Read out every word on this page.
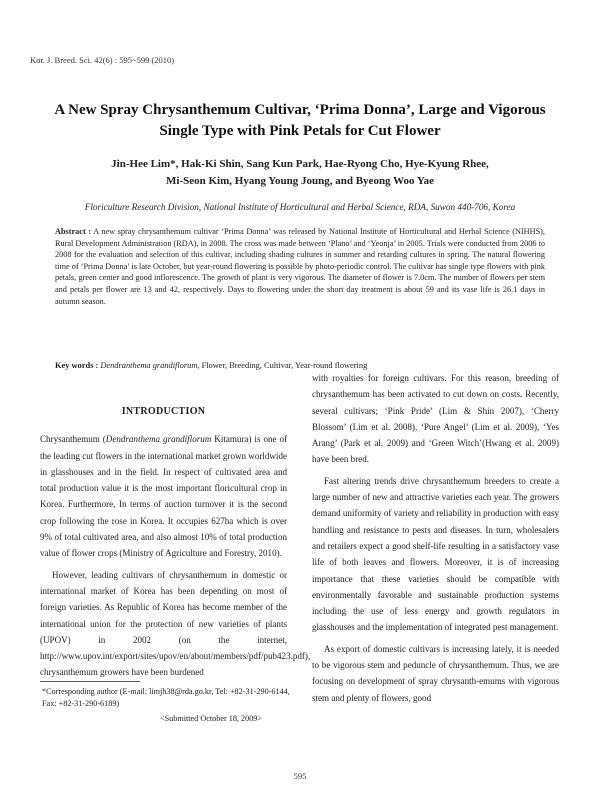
Kor. J. Breed. Sci. 42(6) : 595~599 (2010)
A New Spray Chrysanthemum Cultivar, ‘Prima Donna’, Large and Vigorous Single Type with Pink Petals for Cut Flower
Jin-Hee Lim*, Hak-Ki Shin, Sang Kun Park, Hae-Ryong Cho, Hye-Kyung Rhee,
Mi-Seon Kim, Hyang Young Joung, and Byeong Woo Yae
Floriculture Research Division, National Institute of Horticultural and Herbal Science, RDA, Suwon 440-706, Korea
Abstract : A new spray chrysanthemum cultivar ‘Prima Donna’ was released by National Institute of Horticultural and Herbal Science (NIHHS), Rural Development Administration (RDA), in 2008. The cross was made between ‘Plano’ and ‘Yeonja’ in 2005. Trials were conducted from 2006 to 2008 for the evaluation and selection of this cultivar, including shading cultures in summer and retarding cultures in spring. The natural flowering time of ‘Prima Donna’ is late October, but year-round flowering is possible by photo-periodic control. The cultivar has single type flowers with pink petals, green center and good inflorescence. The growth of plant is very vigorous. The diameter of flower is 7.0cm. The number of flowers per stem and petals per flower are 13 and 42, respectively. Days to flowering under the short day treatment is about 59 and its vase life is 26.1 days in autumn season.
Key words : Dendranthema grandiflorum, Flower, Breeding, Cultivar, Year-round flowering
INTRODUCTION

Chrysanthemum (Dendranthema grandiflorum Kitamura) is one of the leading cut flowers in the international market grown worldwide in glasshouses and in the field. In respect of cultivated area and total production value it is the most important floricultural crop in Korea. Furthermore, In terms of auction turnover it is the second crop following the rose in Korea. It occupies 627ha which is over 9% of total cultivated area, and also almost 10% of total production value of flower crops (Ministry of Agriculture and Forestry, 2010).

However, leading cultivars of chrysanthemum in domestic or international market of Korea has been depending on most of foreign varieties. As Republic of Korea has become member of the international union for the protection of new varieties of plants (UPOV) in 2002 (on the internet, http://www.upov.int/export/sites/upov/en/about/members/pdf/pub423.pdf), chrysanthemum growers have been burdened

with royalties for foreign cultivars. For this reason, breeding of chrysanthemum has been activated to cut down on costs. Recently, several cultivars; ‘Pink Pride’ (Lim & Shin 2007), ‘Cherry Blossom’ (Lim et al. 2008), ‘Pure Angel’ (Lim et al. 2009), ‘Yes Arang’ (Park et al. 2009) and ‘Green Witch’(Hwang et al. 2009) have been bred.

Fast altering trends drive chrysanthemum breeders to create a large number of new and attractive varieties each year. The growers demand uniformity of variety and reliability in production with easy handling and resistance to pests and diseases. In turn, wholesalers and retailers expect a good shelf-life resulting in a satisfactory vase life of both leaves and flowers. Moreover, it is of increasing importance that these varieties should be compatible with environmentally favorable and sustainable production systems including the use of less energy and growth regulators in glasshouses and the implementation of integrated pest management.

As export of domestic cultivars is increasing lately, it is needed to be vigorous stem and peduncle of chrysanthemum. Thus, we are focusing on development of spray chrysanth-emums with vigorous stem and plenty of flowers, good

*Corresponding author (E-mail: limjh38@rda.go.kr, Tel: +82-31-290-6144, Fax: +82-31-290-6189)
<Submitted October 18, 2009>
595
